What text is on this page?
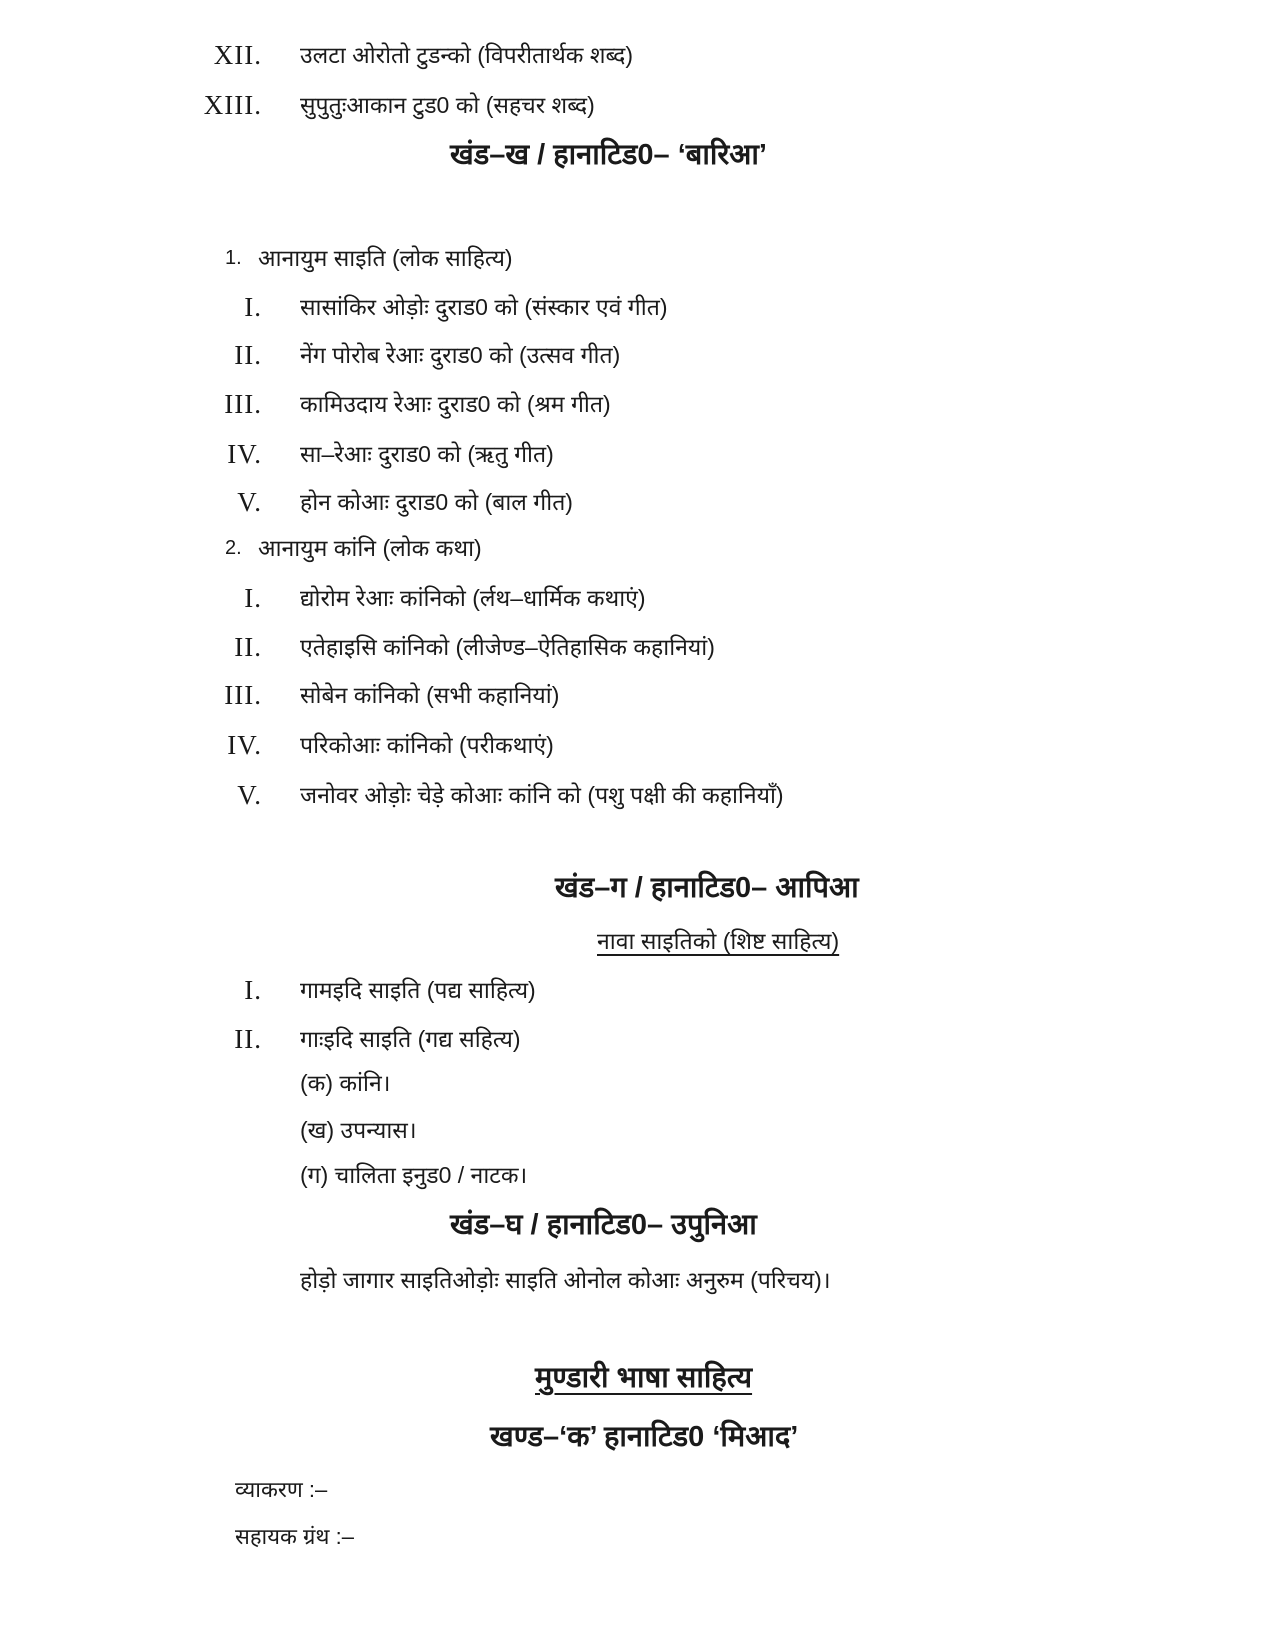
XII. उलटा ओरोतो टुडन्को (विपरीतार्थक शब्द)
XIII. सुपुतुःआकान टुड0 को (सहचर शब्द)
खंड–ख / हानाटिड0– ‘बारिआ’
1. आनायुम साइति (लोक साहित्य)
I. सासांकिर ओड़ोः दुराड0 को (संस्कार एवं गीत)
II. नेंग पोरोब रेआः दुराड0 को (उत्सव गीत)
III. कामिउदाय रेआः दुराड0 को (श्रम गीत)
IV. सा–रेआः दुराड0 को (ऋतु गीत)
V. होन कोआः दुराड0 को (बाल गीत)
2. आनायुम कांनि (लोक कथा)
I. द्योरोम रेआः कांनिको (र्लथ–धार्मिक कथाएं)
II. एतेहाइसि कांनिको (लीजेण्ड–ऐतिहासिक कहानियां)
III. सोबेन कांनिको (सभी कहानियां)
IV. परिकोआः कांनिको (परीकथाएं)
V. जनोवर ओड़ोः चेड़े कोआः कांनि को (पशु पक्षी की कहानियाँ)
खंड–ग / हानाटिड0– आपिआ
नावा साइतिको (शिष्ट साहित्य)
I. गामइदि साइति (पद्य साहित्य)
II. गाःइदि साइति (गद्य सहित्य)
(क) कांनि।
(ख) उपन्यास।
(ग) चालिता इनुड0 / नाटक।
खंड–घ / हानाटिड0– उपुनिआ
होड़ो जागार साइतिओड़ोः साइति ओनोल कोआः अनुरुम (परिचय)।
मुण्डारी भाषा साहित्य
खण्ड–‘क’ हानाटिड0 ‘मिआद’
व्याकरण :–
सहायक ग्रंथ :–
